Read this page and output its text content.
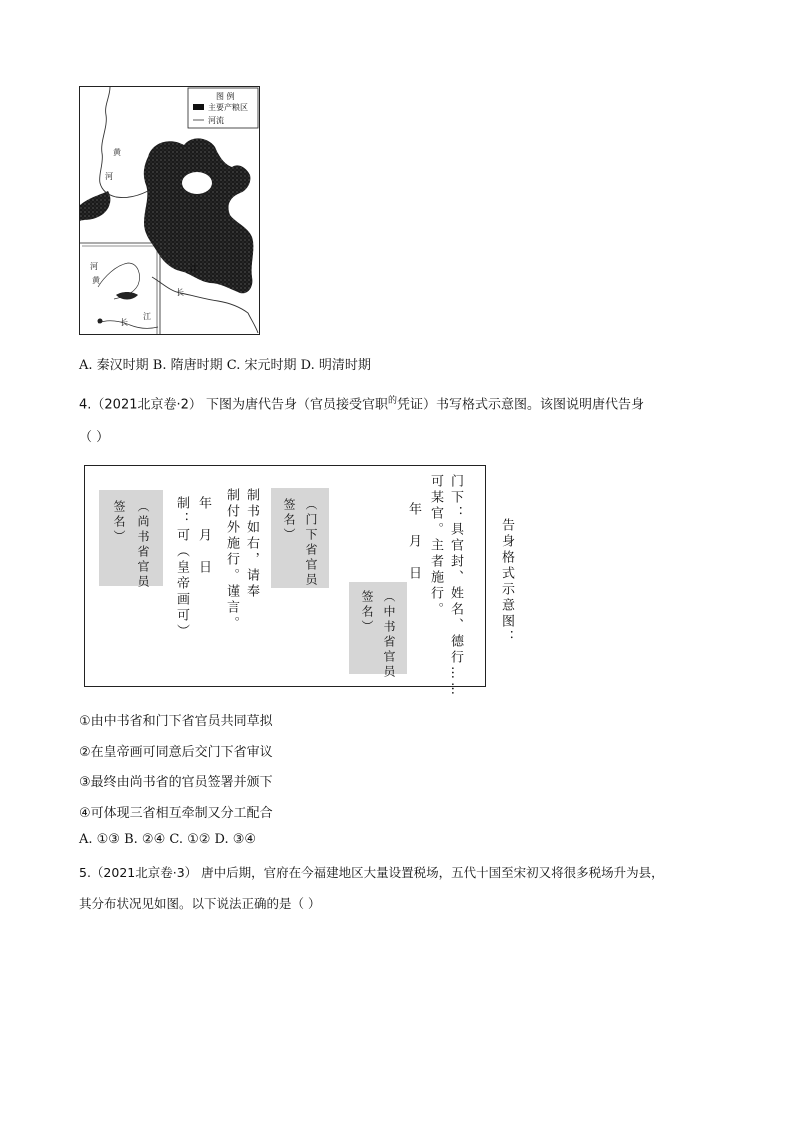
图 例
主要产粮区
河流
黄
河
江
长
河
黄
长
江
A. 秦汉时期 B. 隋唐时期 C. 宋元时期 D. 明清时期
4.（2021北京卷·2） 下图为唐代告身（官员接受官职$^的$凭证）书写格式示意图。该图说明唐代告身
（ ）
门下：具官封、姓名、德行……
可某官。主者施行。
年　月　日
（中书省官员
签名）
（门下省官员
签名）
制书如右，请奉
制付外施行。谨言。
年　月　日
制：可（皇帝画可）
（尚书省官员
签名）	告身格式示意图：
①由中书省和门下省官员共同草拟
②在皇帝画可同意后交门下省审议
③最终由尚书省的官员签署并颁下
④可体现三省相互牵制又分工配合
A. ①③ B. ②④ C. ①② D. ③④
5.（2021北京卷·3） 唐中后期，官府在今福建地区大量设置税场，五代十国至宋初又将很多税场升为县，
其分布状况见如图。以下说法正确的是（ ）
